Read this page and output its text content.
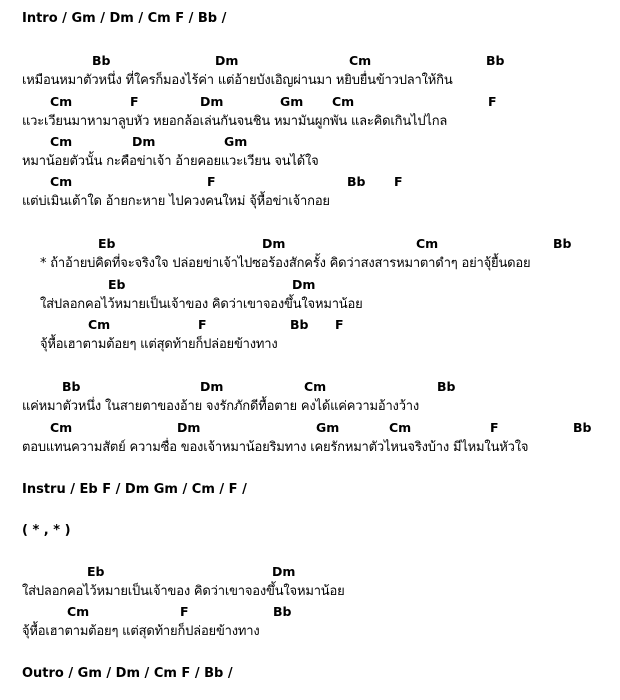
Intro / Gm / Dm / Cm F / Bb /
Bb	Dm	Cm	Bb
เหมือนหมาตัวหนึ่ง ที่ใครก็มองไร้ค่า แต่อ้ายบังเอิญผ่านมา หยิบยื่นข้าวปลาให้กิน
Cm	F	Dm	Gm Cm	F
แวะเวียนมาหามาลูบหัว หยอกล้อเล่นกันจนชิน หมามันผูกพัน และคิดเกินไปไกล
Cm	Dm	Gm
หมาน้อยตัวนั้น กะคือข่าเจ้า อ้ายคอยแวะเวียน จนได้ใจ
Cm	F	Bb F
แต่บ่เมินเต้าใด อ้ายกะหาย ไปควงคนใหม่ จุ้หื้อข่าเจ้ากอย
Eb	Dm	Cm	Bb
* ถ้าอ้ายบ่คิดที่จะจริงใจ ปล่อยข่าเจ้าไปซอร้องสักครั้ง คิดว่าสงสารหมาตาดำๆ อย่าจุ้ยื้นดอย
Eb	Dm
ใส่ปลอกคอไว้หมายเป็นเจ้าของ คิดว่าเขาจองขึ้นใจหมาน้อย
Cm	F	Bb F
จุ้หื้อเฮาตามต้อยๆ แต่สุดท้ายก็ปล่อยข้างทาง
Bb	Dm	Cm	Bb
แค่หมาตัวหนึ่ง ในสายตาของอ้าย จงรักภักดีทื้อตาย คงได้แค่ความอ้างว้าง
Cm	Dm	Gm	Cm	F	Bb
ตอบแทนความสัตย์ ความซื่อ ของเจ้าหมาน้อยริมทาง เคยรักหมาตัวไหนจริงบ้าง มีไหมในหัวใจ
Instru / Eb F / Dm Gm / Cm / F /
( * , * )
Eb	Dm
ใส่ปลอกคอไว้หมายเป็นเจ้าของ คิดว่าเขาจองขึ้นใจหมาน้อย
Cm	F	Bb
จุ้หื้อเฮาตามต้อยๆ แต่สุดท้ายก็ปล่อยข้างทาง
Outro / Gm / Dm / Cm F / Bb /
